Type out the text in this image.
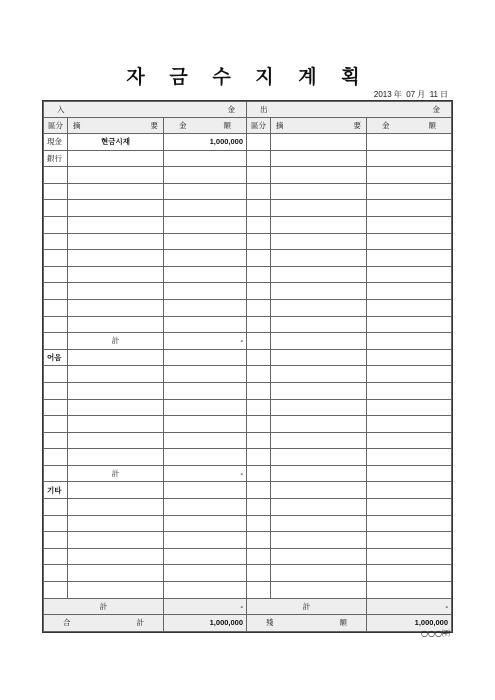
자 금 수 지 계 획
2013 年 07 月 11 日
入 金			出 金		

區分	摘 要	金 額	區分	摘 要	金 額

現金	현금시재	1,000,000			
銀行					

	計	-			
어음					

	計	-			
기타					

計		-	計		-

合 計		1,000,000	殘 額		1,000,000
○○○㈜
